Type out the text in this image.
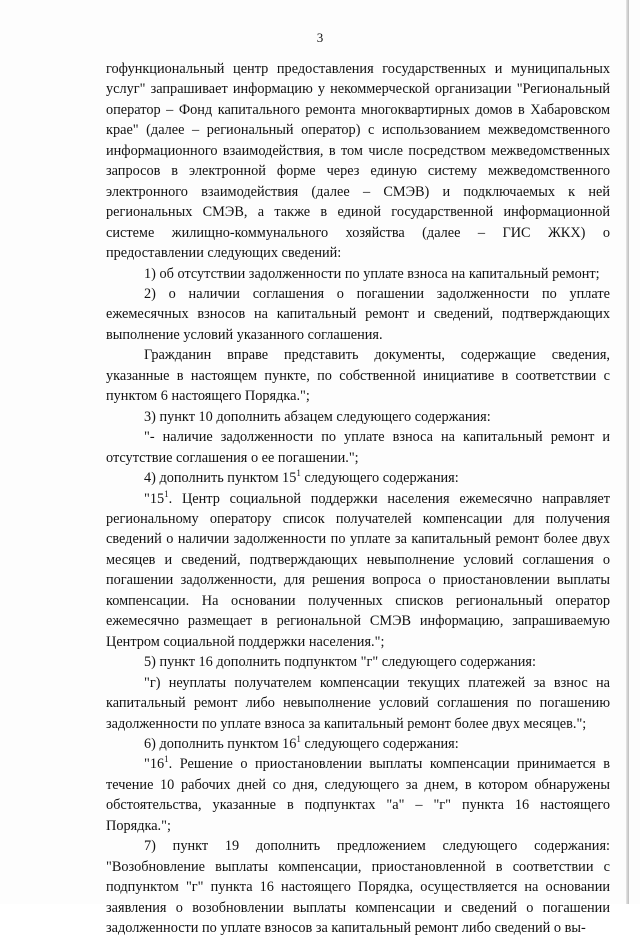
3

гофункциональный центр предоставления государственных и муниципальных услуг" запрашивает информацию у некоммерческой организации "Региональный оператор – Фонд капитального ремонта многоквартирных домов в Хабаровском крае" (далее – региональный оператор) с использованием межведомственного информационного взаимодействия, в том числе посредством межведомственных запросов в электронной форме через единую систему межведомственного электронного взаимодействия (далее – СМЭВ) и подключаемых к ней региональных СМЭВ, а также в единой государственной информационной системе жилищно-коммунального хозяйства (далее – ГИС ЖКХ) о предоставлении следующих сведений:

1) об отсутствии задолженности по уплате взноса на капитальный ремонт;

2) о наличии соглашения о погашении задолженности по уплате ежемесячных взносов на капитальный ремонт и сведений, подтверждающих выполнение условий указанного соглашения.

Гражданин вправе представить документы, содержащие сведения, указанные в настоящем пункте, по собственной инициативе в соответствии с пунктом 6 настоящего Порядка.";

3) пункт 10 дополнить абзацем следующего содержания:

"- наличие задолженности по уплате взноса на капитальный ремонт и отсутствие соглашения о ее погашении.";

4) дополнить пунктом $15^1$ следующего содержания:

"$15^1$. Центр социальной поддержки населения ежемесячно направляет региональному оператору список получателей компенсации для получения сведений о наличии задолженности по уплате за капитальный ремонт более двух месяцев и сведений, подтверждающих невыполнение условий соглашения о погашении задолженности, для решения вопроса о приостановлении выплаты компенсации. На основании полученных списков региональный оператор ежемесячно размещает в региональной СМЭВ информацию, запрашиваемую Центром социальной поддержки населения.";

5) пункт 16 дополнить подпунктом "г" следующего содержания:

"г) неуплаты получателем компенсации текущих платежей за взнос на капитальный ремонт либо невыполнение условий соглашения по погашению задолженности по уплате взноса за капитальный ремонт более двух месяцев.";

6) дополнить пунктом $16^1$ следующего содержания:

"$16^1$. Решение о приостановлении выплаты компенсации принимается в течение 10 рабочих дней со дня, следующего за днем, в котором обнаружены обстоятельства, указанные в подпунктах "а" – "г" пункта 16 настоящего Порядка.";

7) пункт 19 дополнить предложением следующего содержания: "Возобновление выплаты компенсации, приостановленной в соответствии с подпунктом "г" пункта 16 настоящего Порядка, осуществляется на основании заявления о возобновлении выплаты компенсации и сведений о погашении задолженности по уплате взносов за капитальный ремонт либо сведений о вы-
